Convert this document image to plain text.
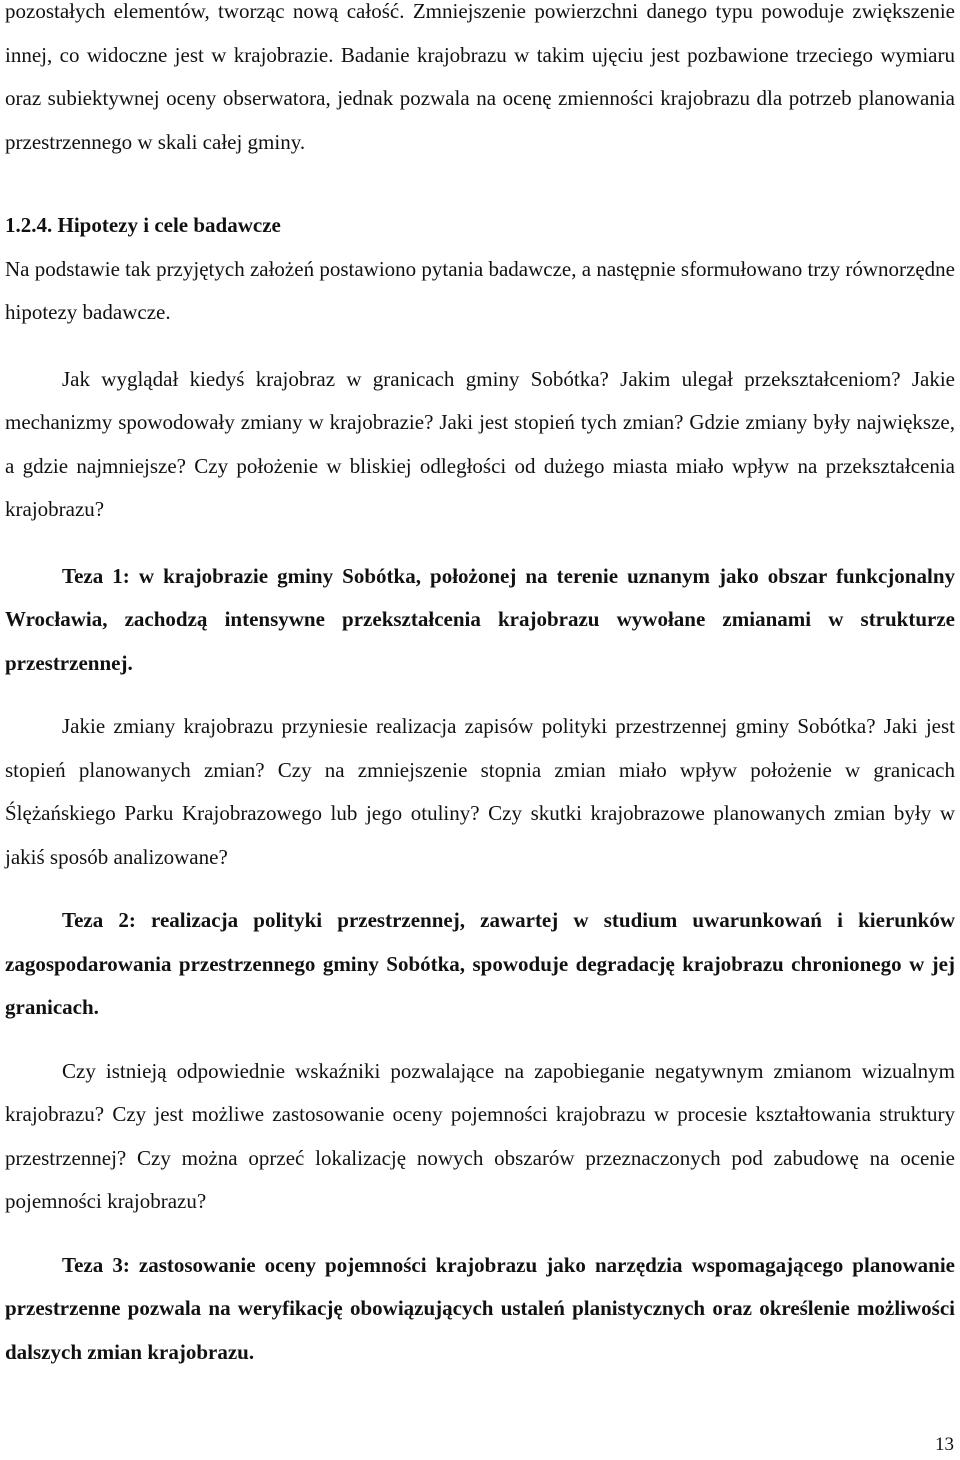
pozostałych elementów, tworząc nową całość. Zmniejszenie powierzchni danego typu powoduje zwiększenie innej, co widoczne jest w krajobrazie. Badanie krajobrazu w takim ujęciu jest pozbawione trzeciego wymiaru oraz subiektywnej oceny obserwatora, jednak pozwala na ocenę zmienności krajobrazu dla potrzeb planowania przestrzennego w skali całej gminy.

1.2.4. Hipotezy i cele badawcze

Na podstawie tak przyjętych założeń postawiono pytania badawcze, a następnie sformułowano trzy równorzędne hipotezy badawcze.

Jak wyglądał kiedyś krajobraz w granicach gminy Sobótka? Jakim ulegał przekształceniom? Jakie mechanizmy spowodowały zmiany w krajobrazie? Jaki jest stopień tych zmian? Gdzie zmiany były największe, a gdzie najmniejsze? Czy położenie w bliskiej odległości od dużego miasta miało wpływ na przekształcenia krajobrazu?

Teza 1: w krajobrazie gminy Sobótka, położonej na terenie uznanym jako obszar funkcjonalny Wrocławia, zachodzą intensywne przekształcenia krajobrazu wywołane zmianami w strukturze przestrzennej.

Jakie zmiany krajobrazu przyniesie realizacja zapisów polityki przestrzennej gminy Sobótka? Jaki jest stopień planowanych zmian? Czy na zmniejszenie stopnia zmian miało wpływ położenie w granicach Ślężańskiego Parku Krajobrazowego lub jego otuliny? Czy skutki krajobrazowe planowanych zmian były w jakiś sposób analizowane?

Teza 2: realizacja polityki przestrzennej, zawartej w studium uwarunkowań i kierunków zagospodarowania przestrzennego gminy Sobótka, spowoduje degradację krajobrazu chronionego w jej granicach.

Czy istnieją odpowiednie wskaźniki pozwalające na zapobieganie negatywnym zmianom wizualnym krajobrazu? Czy jest możliwe zastosowanie oceny pojemności krajobrazu w procesie kształtowania struktury przestrzennej? Czy można oprzeć lokalizację nowych obszarów przeznaczonych pod zabudowę na ocenie pojemności krajobrazu?

Teza 3: zastosowanie oceny pojemności krajobrazu jako narzędzia wspomagającego planowanie przestrzenne pozwala na weryfikację obowiązujących ustaleń planistycznych oraz określenie możliwości dalszych zmian krajobrazu.

13
